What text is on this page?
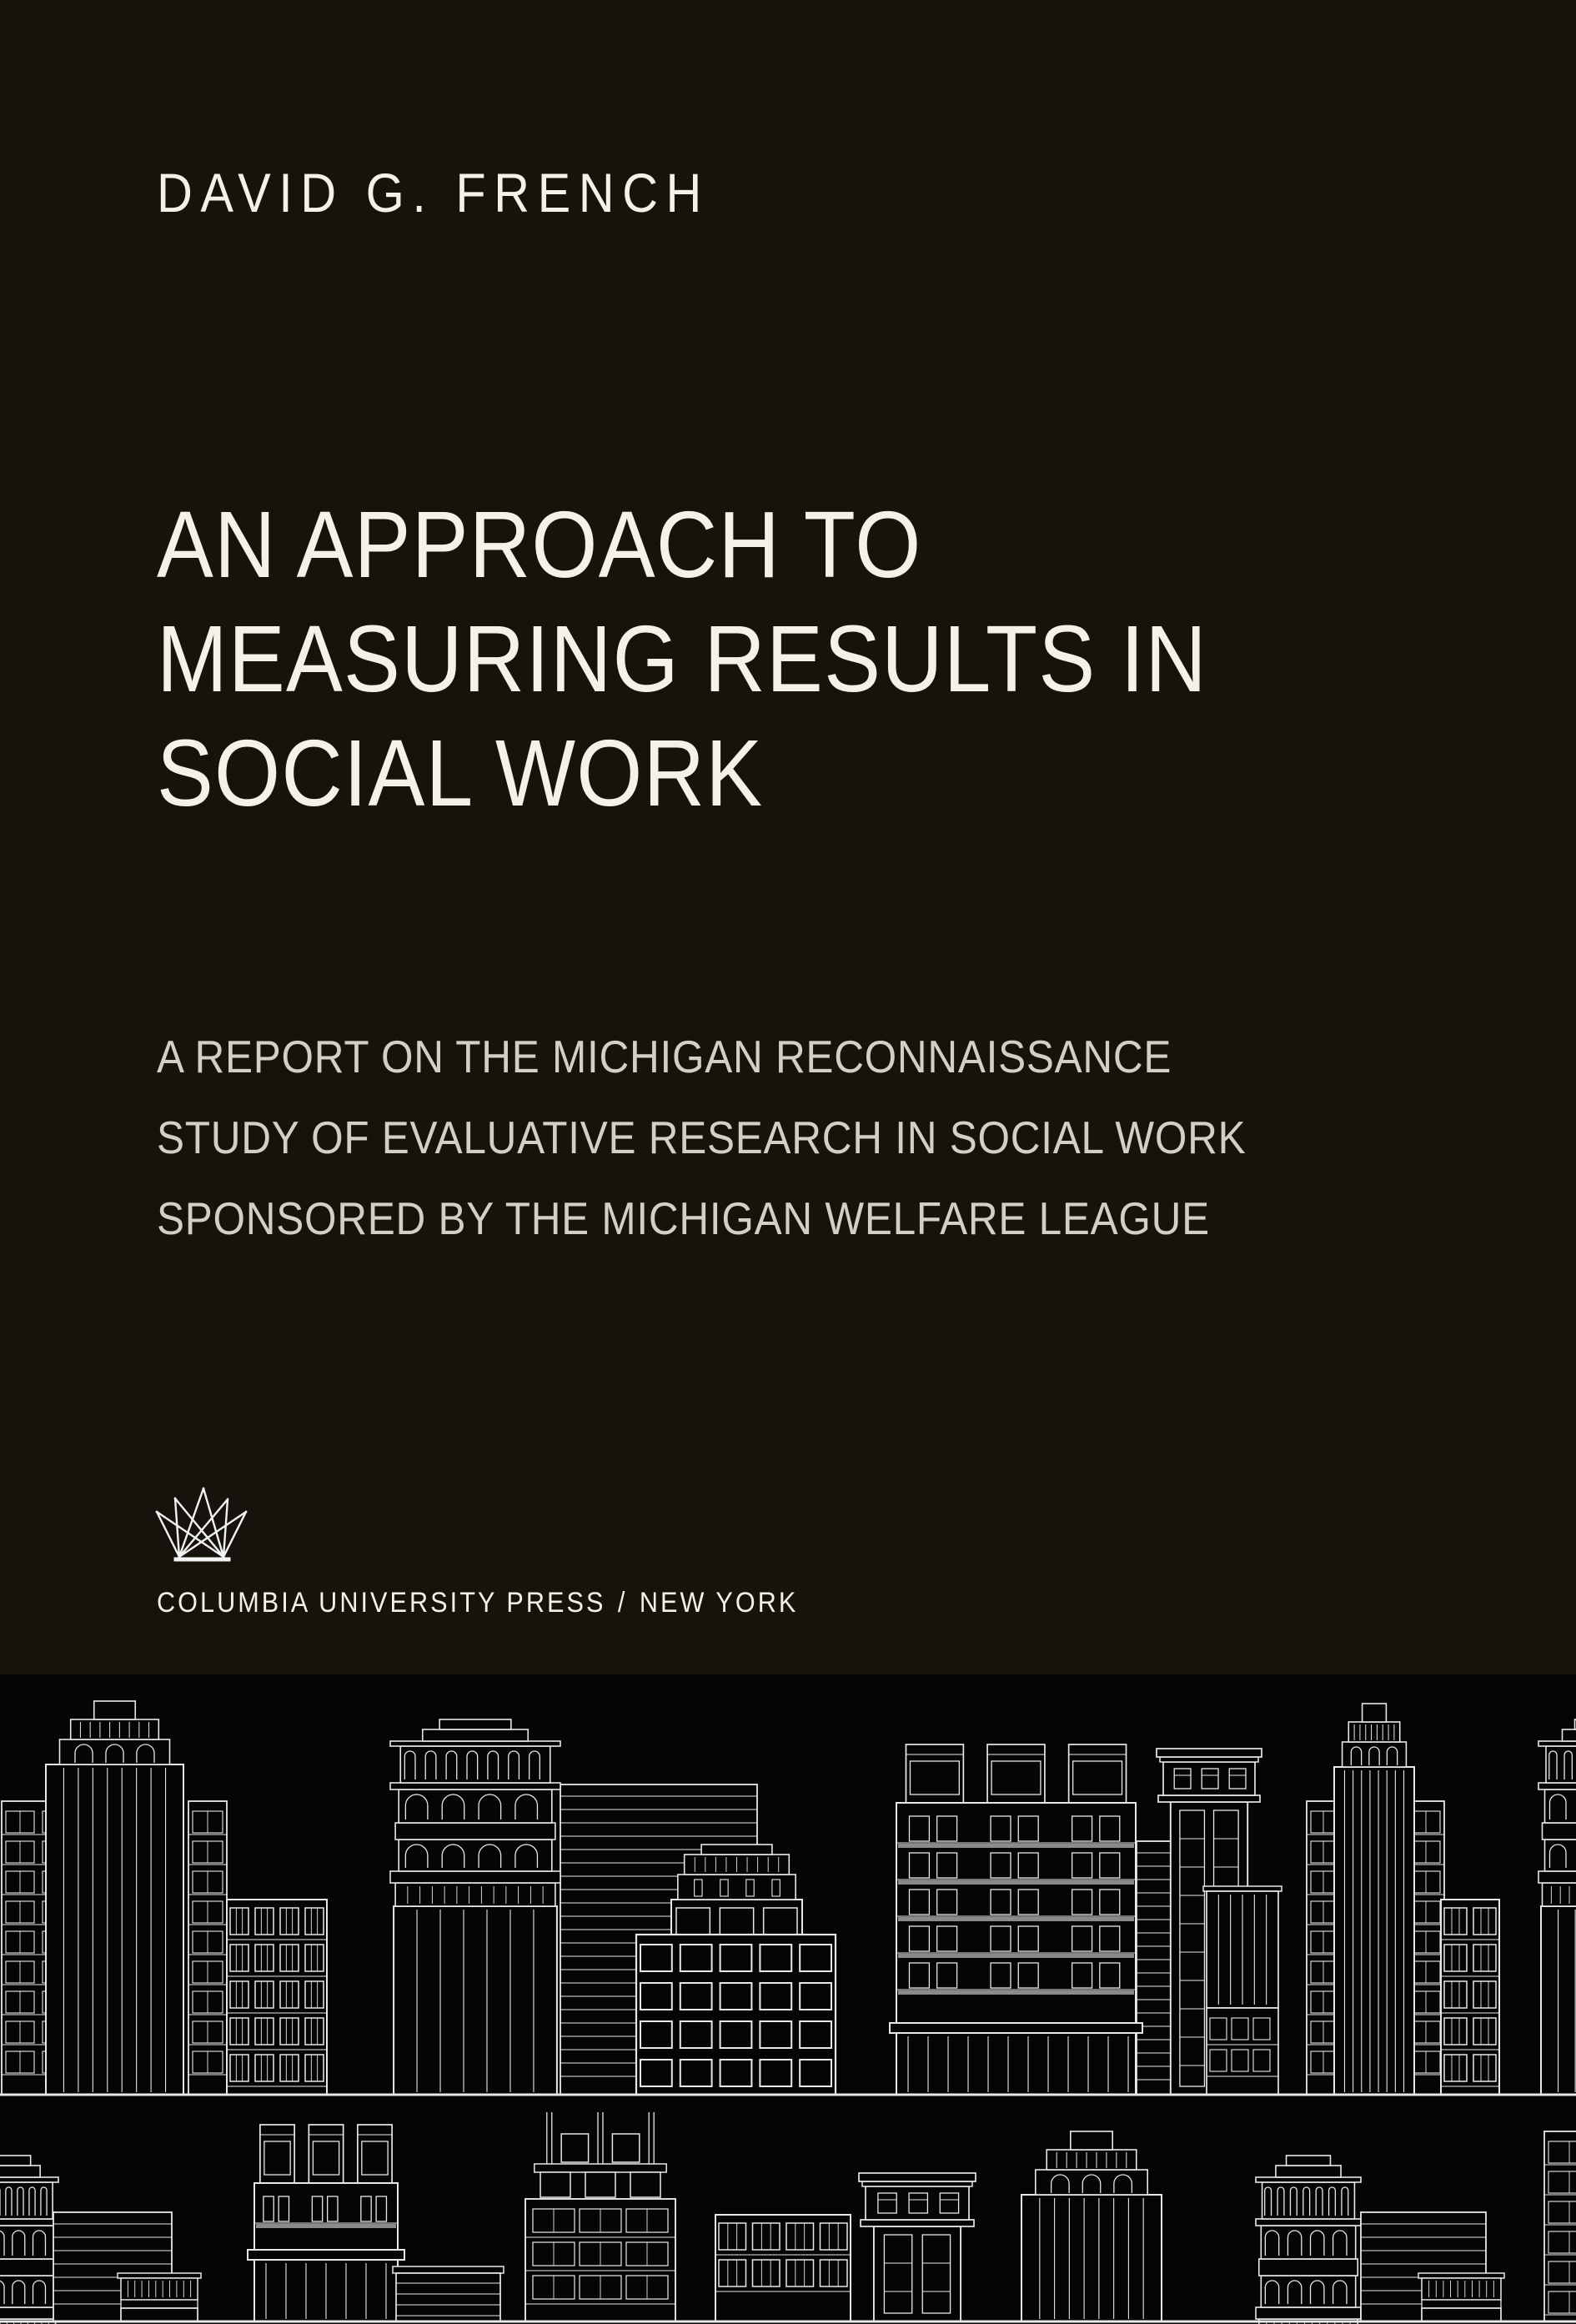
DAVID G. FRENCH
AN APPROACH TO
MEASURING RESULTS IN
SOCIAL WORK
A REPORT ON THE MICHIGAN RECONNAISSANCE
STUDY OF EVALUATIVE RESEARCH IN SOCIAL WORK
SPONSORED BY THE MICHIGAN WELFARE LEAGUE
COLUMBIA UNIVERSITY PRESS / NEW YORK
